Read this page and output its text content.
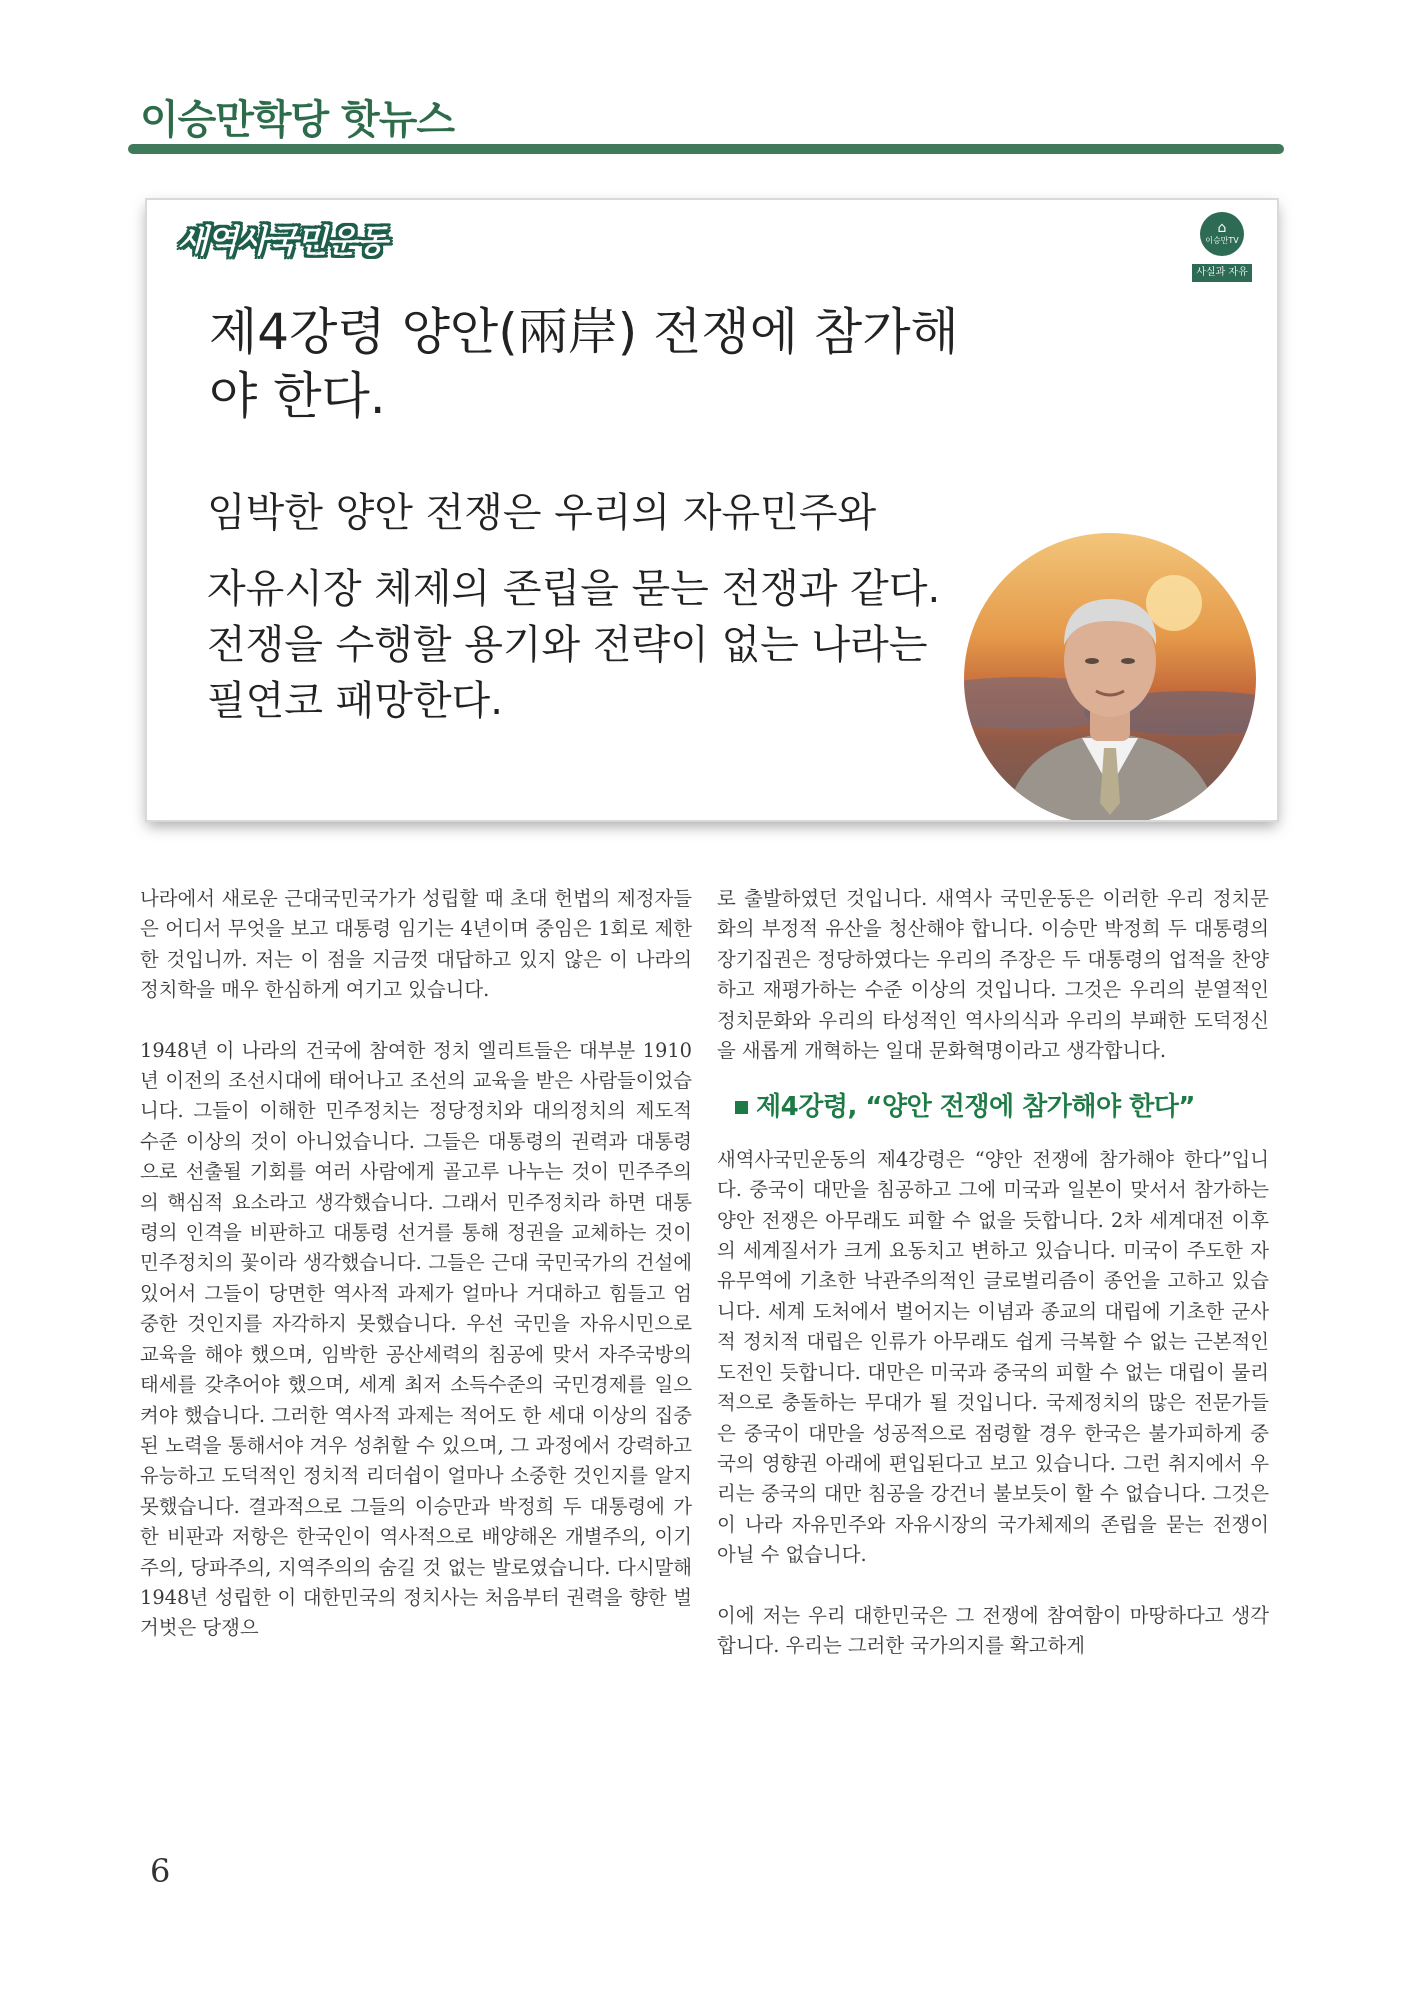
이승만학당 핫뉴스
새역사국민운동	⌂
이승만TV
사실과 자유
제4강령 양안(兩岸) 전쟁에 참가해야 한다.

임박한 양안 전쟁은 우리의 자유민주와

자유시장 체제의 존립을 묻는 전쟁과 같다.

전쟁을 수행할 용기와 전략이 없는 나라는

필연코 패망한다.

나라에서 새로운 근대국민국가가 성립할 때 초대 헌법의 제정자들은 어디서 무엇을 보고 대통령 임기는 4년이며 중임은 1회로 제한한 것입니까. 저는 이 점을 지금껏 대답하고 있지 않은 이 나라의 정치학을 매우 한심하게 여기고 있습니다.

1948년 이 나라의 건국에 참여한 정치 엘리트들은 대부분 1910년 이전의 조선시대에 태어나고 조선의 교육을 받은 사람들이었습니다. 그들이 이해한 민주정치는 정당정치와 대의정치의 제도적 수준 이상의 것이 아니었습니다. 그들은 대통령의 권력과 대통령으로 선출될 기회를 여러 사람에게 골고루 나누는 것이 민주주의의 핵심적 요소라고 생각했습니다. 그래서 민주정치라 하면 대통령의 인격을 비판하고 대통령 선거를 통해 정권을 교체하는 것이 민주정치의 꽃이라 생각했습니다. 그들은 근대 국민국가의 건설에 있어서 그들이 당면한 역사적 과제가 얼마나 거대하고 힘들고 엄중한 것인지를 자각하지 못했습니다. 우선 국민을 자유시민으로 교육을 해야 했으며, 임박한 공산세력의 침공에 맞서 자주국방의 태세를 갖추어야 했으며, 세계 최저 소득수준의 국민경제를 일으켜야 했습니다. 그러한 역사적 과제는 적어도 한 세대 이상의 집중된 노력을 통해서야 겨우 성취할 수 있으며, 그 과정에서 강력하고 유능하고 도덕적인 정치적 리더쉽이 얼마나 소중한 것인지를 알지 못했습니다. 결과적으로 그들의 이승만과 박정희 두 대통령에 가한 비판과 저항은 한국인이 역사적으로 배양해온 개별주의, 이기주의, 당파주의, 지역주의의 숨길 것 없는 발로였습니다. 다시말해 1948년 성립한 이 대한민국의 정치사는 처음부터 권력을 향한 벌거벗은 당쟁으

로 출발하였던 것입니다. 새역사 국민운동은 이러한 우리 정치문화의 부정적 유산을 청산해야 합니다. 이승만 박정희 두 대통령의 장기집권은 정당하였다는 우리의 주장은 두 대통령의 업적을 찬양하고 재평가하는 수준 이상의 것입니다. 그것은 우리의 분열적인 정치문화와 우리의 타성적인 역사의식과 우리의 부패한 도덕정신을 새롭게 개혁하는 일대 문화혁명이라고 생각합니다.

제4강령, “양안 전쟁에 참가해야 한다”

새역사국민운동의 제4강령은 “양안 전쟁에 참가해야 한다”입니다. 중국이 대만을 침공하고 그에 미국과 일본이 맞서서 참가하는 양안 전쟁은 아무래도 피할 수 없을 듯합니다. 2차 세계대전 이후의 세계질서가 크게 요동치고 변하고 있습니다. 미국이 주도한 자유무역에 기초한 낙관주의적인 글로벌리즘이 종언을 고하고 있습니다. 세계 도처에서 벌어지는 이념과 종교의 대립에 기초한 군사적 정치적 대립은 인류가 아무래도 쉽게 극복할 수 없는 근본적인 도전인 듯합니다. 대만은 미국과 중국의 피할 수 없는 대립이 물리적으로 충돌하는 무대가 될 것입니다. 국제정치의 많은 전문가들은 중국이 대만을 성공적으로 점령할 경우 한국은 불가피하게 중국의 영향권 아래에 편입된다고 보고 있습니다. 그런 취지에서 우리는 중국의 대만 침공을 강건너 불보듯이 할 수 없습니다. 그것은 이 나라 자유민주와 자유시장의 국가체제의 존립을 묻는 전쟁이 아닐 수 없습니다.

이에 저는 우리 대한민국은 그 전쟁에 참여함이 마땅하다고 생각합니다. 우리는 그러한 국가의지를 확고하게

6
